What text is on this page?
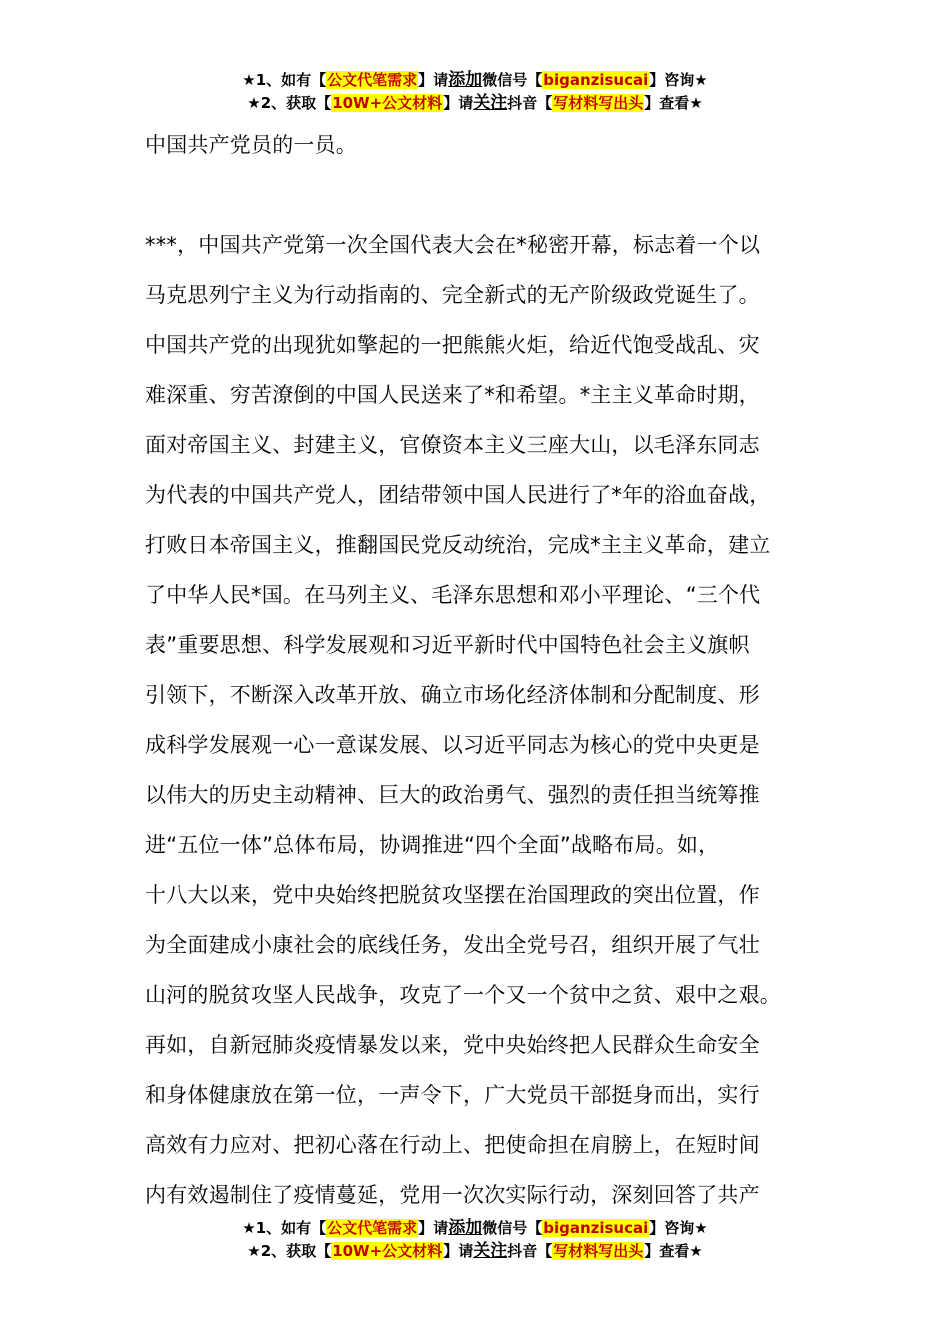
★1、如有【公文代笔需求】请添加微信号【biganzisucai】咨询★
★2、获取【10W+公文材料】请关注抖音【写材料写出头】查看★
中国共产党员的一员。
***，中国共产党第一次全国代表大会在*秘密开幕，标志着一个以
马克思列宁主义为行动指南的、完全新式的无产阶级政党诞生了。
中国共产党的出现犹如擎起的一把熊熊火炬，给近代饱受战乱、灾
难深重、穷苦潦倒的中国人民送来了*和希望。*主主义革命时期，
面对帝国主义、封建主义，官僚资本主义三座大山，以毛泽东同志
为代表的中国共产党人，团结带领中国人民进行了*年的浴血奋战，
打败日本帝国主义，推翻国民党反动统治，完成*主主义革命，建立
了中华人民*国。在马列主义、毛泽东思想和邓小平理论、“三个代
表”重要思想、科学发展观和习近平新时代中国特色社会主义旗帜
引领下，不断深入改革开放、确立市场化经济体制和分配制度、形
成科学发展观一心一意谋发展、以习近平同志为核心的党中央更是
以伟大的历史主动精神、巨大的政治勇气、强烈的责任担当统筹推
进“五位一体”总体布局，协调推进“四个全面”战略布局。如，
十八大以来，党中央始终把脱贫攻坚摆在治国理政的突出位置，作
为全面建成小康社会的底线任务，发出全党号召，组织开展了气壮
山河的脱贫攻坚人民战争，攻克了一个又一个贫中之贫、艰中之艰。
再如，自新冠肺炎疫情暴发以来，党中央始终把人民群众生命安全
和身体健康放在第一位，一声令下，广大党员干部挺身而出，实行
高效有力应对、把初心落在行动上、把使命担在肩膀上，在短时间
内有效遏制住了疫情蔓延，党用一次次实际行动，深刻回答了共产
★1、如有【公文代笔需求】请添加微信号【biganzisucai】咨询★
★2、获取【10W+公文材料】请关注抖音【写材料写出头】查看★
